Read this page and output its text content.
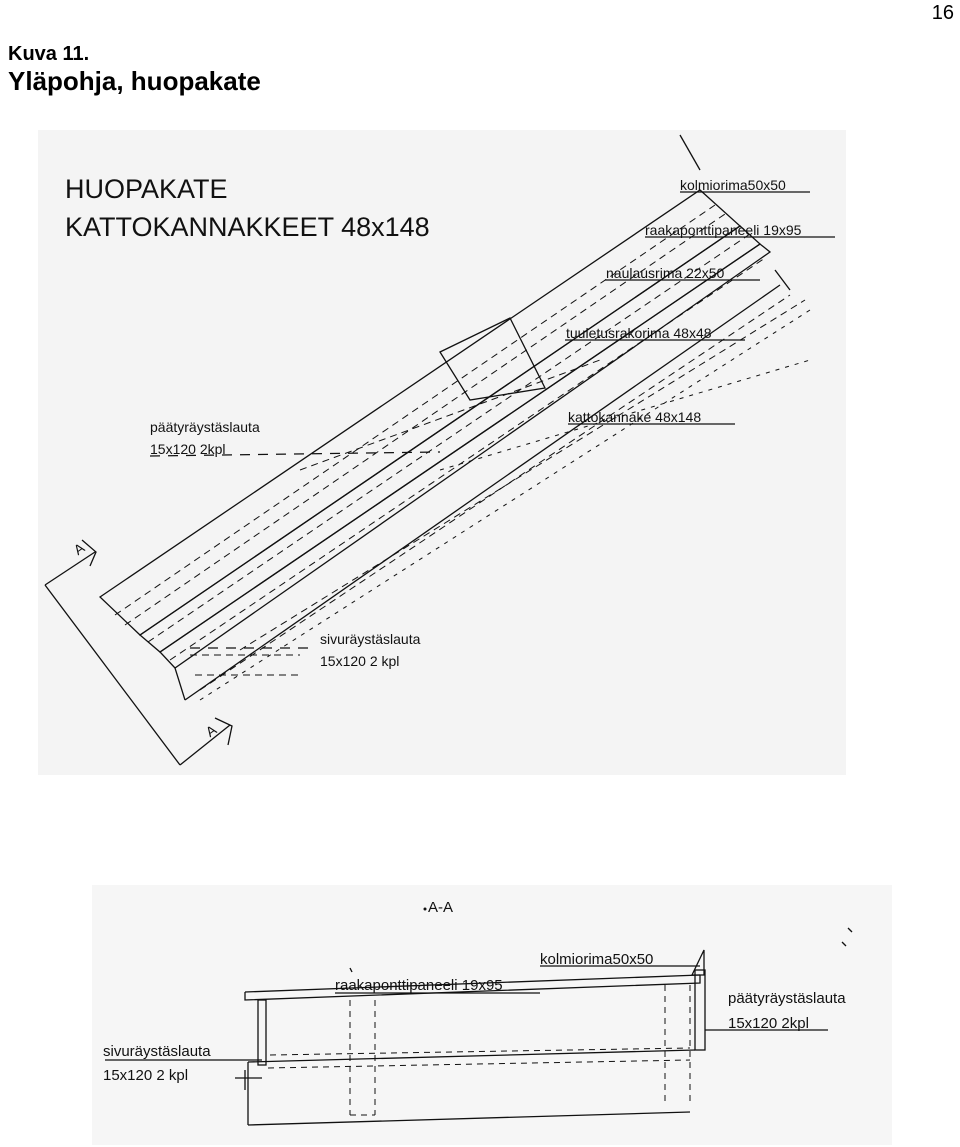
16
Kuva 11.
Yläpohja, huopakate
HUOPAKATE
KATTOKANNAKKEET 48x148
kolmiorima50x50
raakaponttipaneeli 19x95
naulausrima 22x50
tuuletusrakorima 48x48
kattokannake 48x148
päätyräystäslauta
15x120 2kpl
sivuräystäslauta
15x120 2 kpl
A
A
A-A
kolmiorima50x50
raakaponttipaneeli 19x95
päätyräystäslauta
15x120 2kpl
sivuräystäslauta
15x120 2 kpl
